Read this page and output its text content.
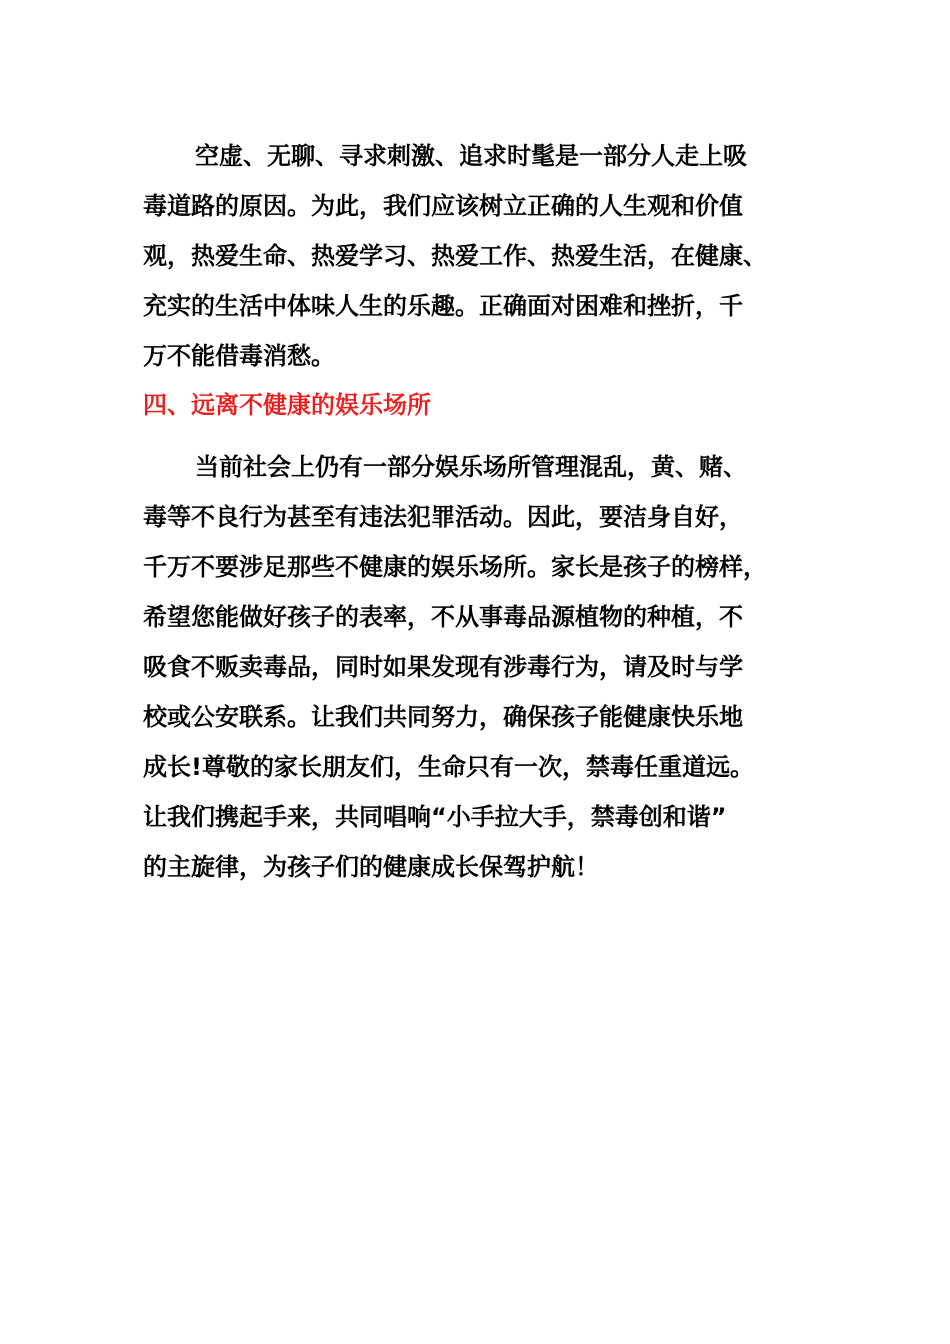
空虚、无聊、寻求刺激、追求时髦是一部分人走上吸
毒道路的原因。为此，我们应该树立正确的人生观和价值
观，热爱生命、热爱学习、热爱工作、热爱生活，在健康、
充实的生活中体味人生的乐趣。正确面对困难和挫折，千
万不能借毒消愁。
四、远离不健康的娱乐场所
当前社会上仍有一部分娱乐场所管理混乱，黄、赌、
毒等不良行为甚至有违法犯罪活动。因此，要洁身自好，
千万不要涉足那些不健康的娱乐场所。家长是孩子的榜样，
希望您能做好孩子的表率，不从事毒品源植物的种植，不
吸食不贩卖毒品，同时如果发现有涉毒行为，请及时与学
校或公安联系。让我们共同努力，确保孩子能健康快乐地
成长!尊敬的家长朋友们，生命只有一次，禁毒任重道远。
让我们携起手来，共同唱响“小手拉大手，禁毒创和谐”
的主旋律，为孩子们的健康成长保驾护航！
